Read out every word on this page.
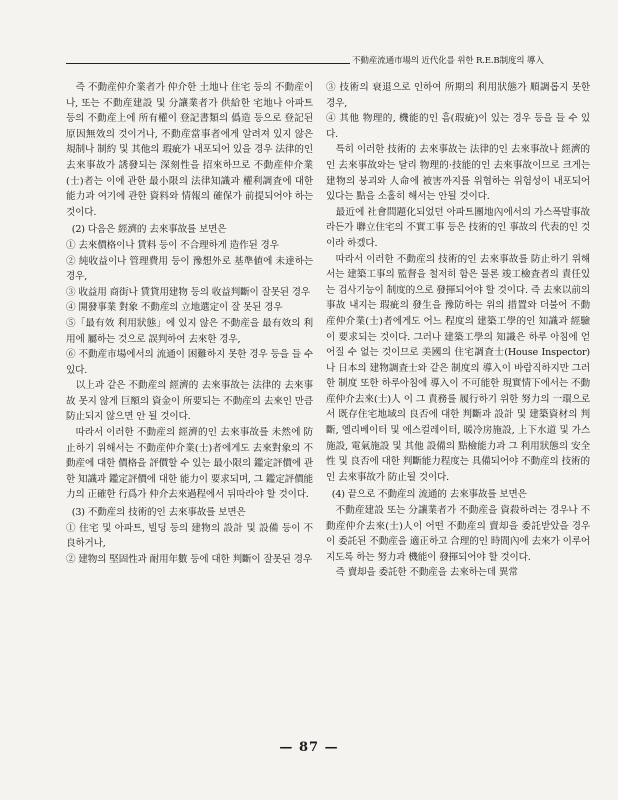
不動産流通市場의 近代化를 위한 R.E.B制度의 導入

즉 不動産仲介業者가 仲介한 土地나 住宅 등의 不動産이나, 또는 不動産建設 및 分讓業者가 供給한 宅地나 아파트 등의 不動産上에 所有權이 登記書類의 僞造 등으로 登記된 原因無效의 것이거나, 不動産當事者에게 알려져 있지 않은 規制나 制約 및 其他의 瑕疵가 내포되어 있을 경우 法律的인 去來事故가 誘發되는 深刻性을 招來하므로 不動産仲介業(士)者는 이에 관한 最小限의 法律知識과 權利調査에 대한 能力과 여기에 관한 資料와 情報의 確保가 前提되어야 하는 것이다.

(2) 다음은 經濟的 去來事故를 보면은

① 去來價格이나 賃料 등이 不合理하게 造作된 경우

② 純收益이나 管理費用 등이 豫想外로 基準値에 未達하는 경우,

③ 收益用 商街나 賃貸用建物 등의 收益判斷이 잘못된 경우

④ 開發事業 對象 不動産의 立地選定이 잘 못된 경우

⑤「最有效 利用狀態」에 있지 않은 不動産을 最有效의 利用에 屬하는 것으로 誤判하여 去來한 경우,

⑥ 不動産市場에서의 流通이 困難하지 못한 경우 등을 들 수 있다.

以上과 같은 不動産의 經濟的 去來事故는 法律的 去來事故 못지 않게 巨額의 資金이 所要되는 不動産의 去來인 만큼 防止되지 않으면 안 될 것이다.

따라서 이러한 不動産의 經濟的인 去來事故를 未然에 防止하기 위해서는 不動産仲介業(士)者에게도 去來對象의 不動産에 대한 價格을 評價할 수 있는 最小限의 鑑定評價에 관한 知識과 鑑定評價에 대한 能力이 要求되며, 그 鑑定評價能力의 正確한 行爲가 仲介去來過程에서 뒤따라야 할 것이다.

(3) 不動産의 技術的인 去來事故를 보면은

① 住宅 및 아파트, 빌딩 등의 建物의 設計 및 設備 등이 不良하거나,

② 建物의 堅固性과 耐用年數 등에 대한 判斷이 잘못된 경우

③ 技術의 衰退으로 인하여 所期의 利用狀態가 順調롭지 못한 경우,

④ 其他 物理的, 機能的인 흠(瑕疵)이 있는 경우 등을 들 수 있다.

특히 이러한 技術的 去來事故는 法律的인 去來事故나 經濟的인 去來事故와는 달리 物理的·技能的인 去來事故이므로 크게는 建物의 붕괴와 人命에 被害까지를 위협하는 위험성이 내포되어 있다는 點을 소홀히 해서는 안될 것이다.

最近에 社會問題化되었던 아파트團地內에서의 가스폭발事故라든가 聯立住宅의 不實工事 등은 技術的인 事故의 代表的인 것이라 하겠다.

따라서 이러한 不動産의 技術的인 去來事故를 防止하기 위해서는 建築工事의 監督을 철저히 함은 물론 竣工檢査者의 責任있는 검사기능이 制度的으로 發揮되어야 할 것이다. 즉 去來以前의 事故 내지는 瑕疵의 發生을 豫防하는 위의 措置와 더불어 不動産仲介業(士)者에게도 어느 程度의 建築工學的인 知識과 經驗이 要求되는 것이다. 그러나 建築工學의 知識은 하루 아침에 얻어질 수 없는 것이므로 美國의 住宅調査士(House Inspector)나 日本의 建物調査士와 같은 制度의 導入이 바람직하지만 그러한 制度 또한 하루아침에 導入이 不可能한 現實情下에서는 不動産仲介去來(士)人 이 그 責務를 履行하기 위한 努力의 一環으로서 既存住宅地域의 良否에 대한 判斷과 設計 및 建築資材의 判斷, 엘리베이터 및 에스컬레이터, 暖冷房施設, 上下水道 및 가스施設, 電氣施設 및 其他 設備의 點檢能力과 그 利用狀態의 安全性 및 良否에 대한 判斷能力程度는 具備되어야 不動産의 技術的인 去來事故가 防止될 것이다.

(4) 끝으로 不動産의 流通的 去來事故를 보면은

不動産建設 또는 分讓業者가 不動産을 資殺하려는 경우나 不動産仲介去來(士)人이 어떤 不動産의 賣却을 委託받았을 경우 이 委託된 不動産을 適正하고 合理的인 時間內에 去來가 이루어지도록 하는 努力과 機能이 發揮되어야 할 것이다.

즉 賣却을 委託한 不動産을 去來하는데 異常

— 87 —
